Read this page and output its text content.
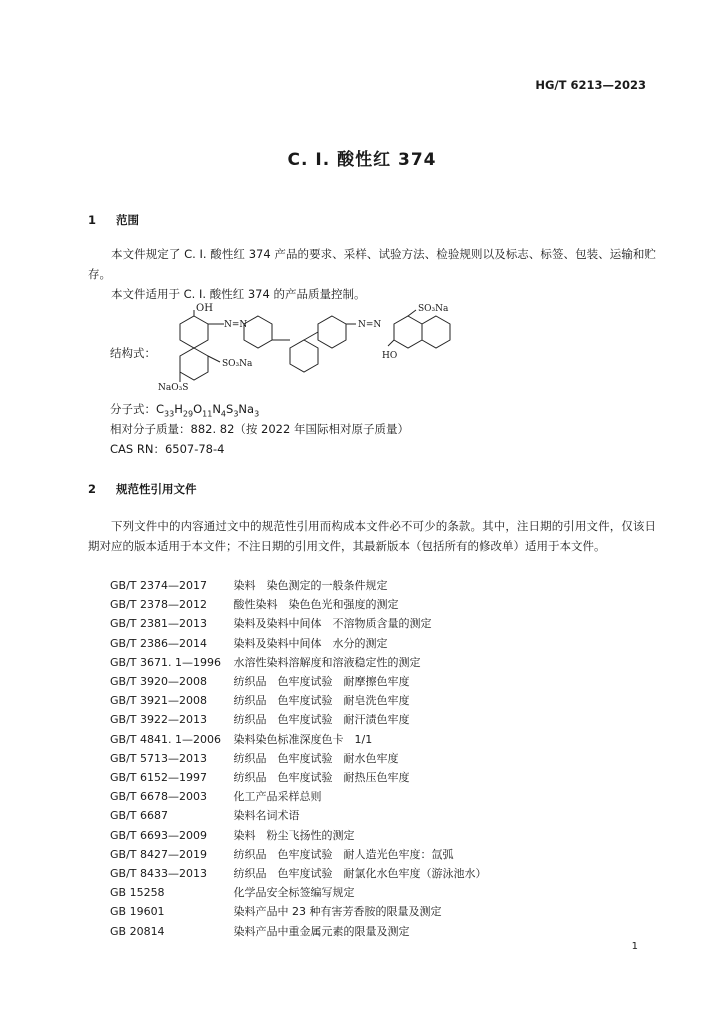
HG/T 6213—2023
C. I. 酸性红 374
1 范围
本文件规定了 C. I. 酸性红 374 产品的要求、采样、试验方法、检验规则以及标志、标签、包装、运输和贮存。
本文件适用于 C. I. 酸性红 374 的产品质量控制。
结构式：
OH
N=N
SO₃Na
NaO₃S
N=N
SO₃Na
HO
分子式：$C_{33}H_{29}O_{11}N_4S_3Na_3$
相对分子质量：882. 82（按 2022 年国际相对原子质量）
CAS RN：6507-78-4
2 规范性引用文件
下列文件中的内容通过文中的规范性引用而构成本文件必不可少的条款。其中，注日期的引用文件，仅该日期对应的版本适用于本文件；不注日期的引用文件，其最新版本（包括所有的修改单）适用于本文件。
GB/T 2374—2017 染料　染色测定的一般条件规定
GB/T 2378—2012 酸性染料　染色色光和强度的测定
GB/T 2381—2013 染料及染料中间体　不溶物质含量的测定
GB/T 2386—2014 染料及染料中间体　水分的测定
GB/T 3671. 1—1996 水溶性染料溶解度和溶液稳定性的测定
GB/T 3920—2008 纺织品　色牢度试验　耐摩擦色牢度
GB/T 3921—2008 纺织品　色牢度试验　耐皂洗色牢度
GB/T 3922—2013 纺织品　色牢度试验　耐汗渍色牢度
GB/T 4841. 1—2006 染料染色标准深度色卡　1/1
GB/T 5713—2013 纺织品　色牢度试验　耐水色牢度
GB/T 6152—1997 纺织品　色牢度试验　耐热压色牢度
GB/T 6678—2003 化工产品采样总则
GB/T 6687	染料名词术语
GB/T 6693—2009 染料　粉尘飞扬性的测定
GB/T 8427—2019 纺织品　色牢度试验　耐人造光色牢度：氙弧
GB/T 8433—2013 纺织品　色牢度试验　耐氯化水色牢度（游泳池水）
GB 15258	化学品安全标签编写规定
GB 19601	染料产品中 23 种有害芳香胺的限量及测定
GB 20814	染料产品中重金属元素的限量及测定
1
